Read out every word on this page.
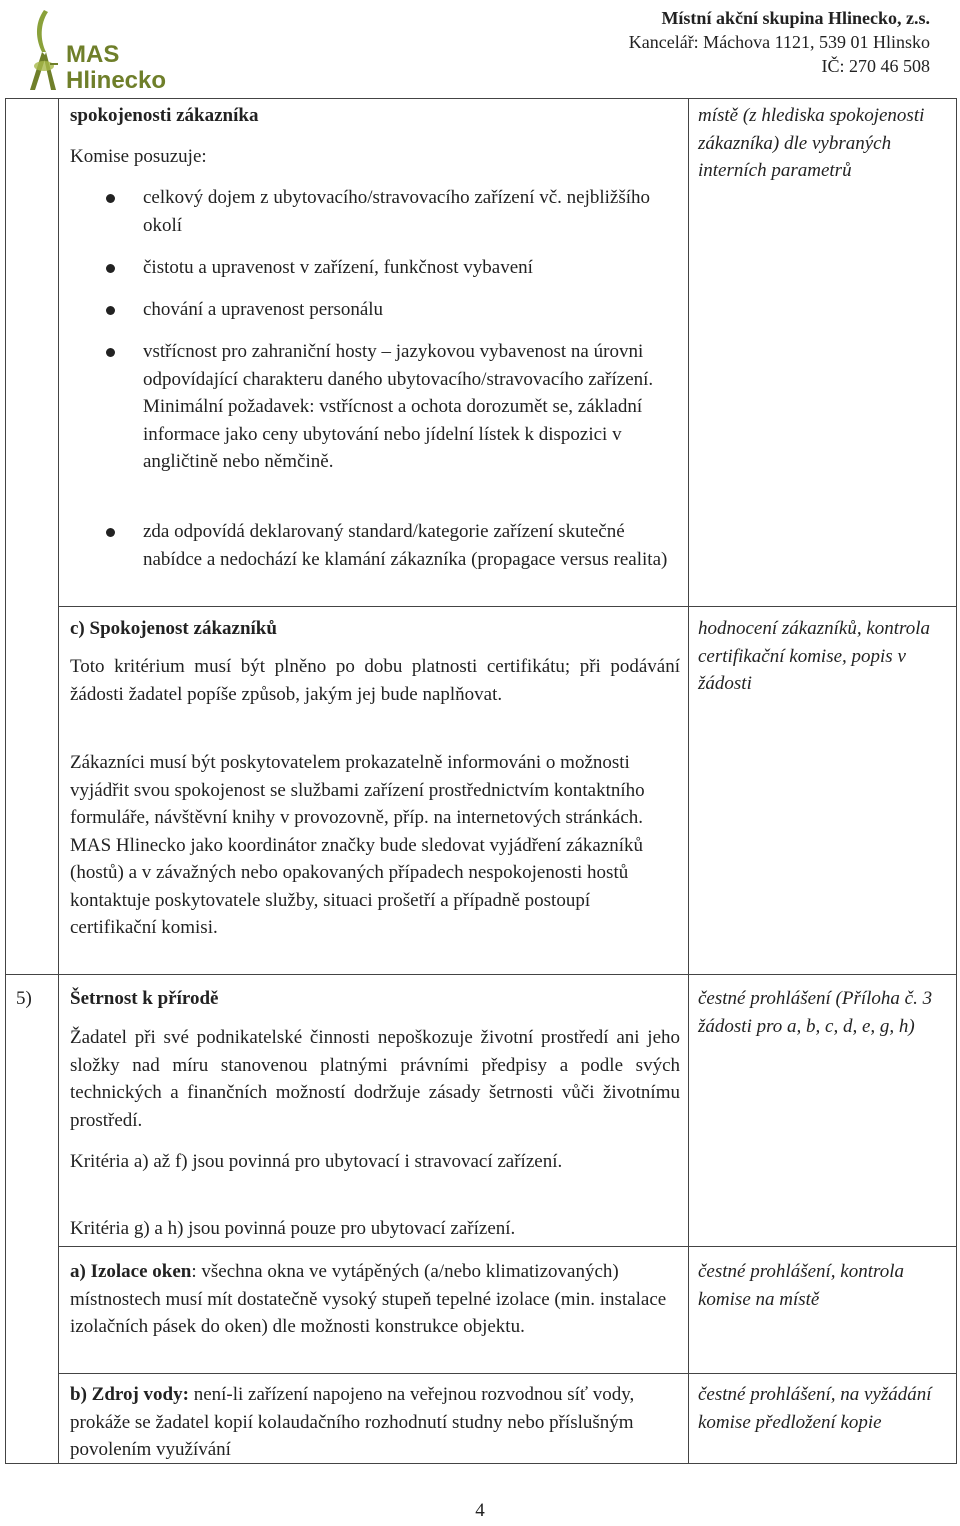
MAS Hlinecko
Místní akční skupina Hlinecko, z.s.
Kancelář: Máchova 1121, 539 01 Hlinsko
IČ: 270 46 508
spokojenosti zákazníka
Komise posuzuje:
celkový dojem z ubytovacího/stravovacího zařízení vč. nejbližšího okolí
čistotu a upravenost v zařízení, funkčnost vybavení
chování a upravenost personálu
vstřícnost pro zahraniční hosty – jazykovou vybavenost na úrovni odpovídající charakteru daného ubytovacího/stravovacího zařízení. Minimální požadavek: vstřícnost a ochota dorozumět se, základní informace jako ceny ubytování nebo jídelní lístek k dispozici v angličtině nebo němčině.
zda odpovídá deklarovaný standard/kategorie zařízení skutečné nabídce a nedochází ke klamání zákazníka (propagace versus realita)
místě (z hlediska spokojenosti zákazníka) dle vybraných interních parametrů
c) Spokojenost zákazníků
Toto kritérium musí být plněno po dobu platnosti certifikátu; při podávání žádosti žadatel popíše způsob, jakým jej bude naplňovat.
Zákazníci musí být poskytovatelem prokazatelně informováni o možnosti vyjádřit svou spokojenost se službami zařízení prostřednictvím kontaktního formuláře, návštěvní knihy v provozovně, příp. na internetových stránkách. MAS Hlinecko jako koordinátor značky bude sledovat vyjádření zákazníků (hostů) a v závažných nebo opakovaných případech nespokojenosti hostů kontaktuje poskytovatele služby, situaci prošetří a případně postoupí certifikační komisi.
hodnocení zákazníků, kontrola certifikační komise, popis v žádosti
5) Šetrnost k přírodě
Žadatel při své podnikatelské činnosti nepoškozuje životní prostředí ani jeho složky nad míru stanovenou platnými právními předpisy a podle svých technických a finančních možností dodržuje zásady šetrnosti vůči životnímu prostředí.
Kritéria a) až f) jsou povinná pro ubytovací i stravovací zařízení.
Kritéria g) a h) jsou povinná pouze pro ubytovací zařízení.
čestné prohlášení (Příloha č. 3 žádosti pro a, b, c, d, e, g, h)
a) Izolace oken: všechna okna ve vytápěných (a/nebo klimatizovaných) místnostech musí mít dostatečně vysoký stupeň tepelné izolace (min. instalace izolačních pásek do oken) dle možnosti konstrukce objektu.
čestné prohlášení, kontrola komise na místě
b) Zdroj vody: není-li zařízení napojeno na veřejnou rozvodnou síť vody, prokáže se žadatel kopií kolaudačního rozhodnutí studny nebo příslušným povolením využívání
čestné prohlášení, na vyžádání komise předložení kopie
4
